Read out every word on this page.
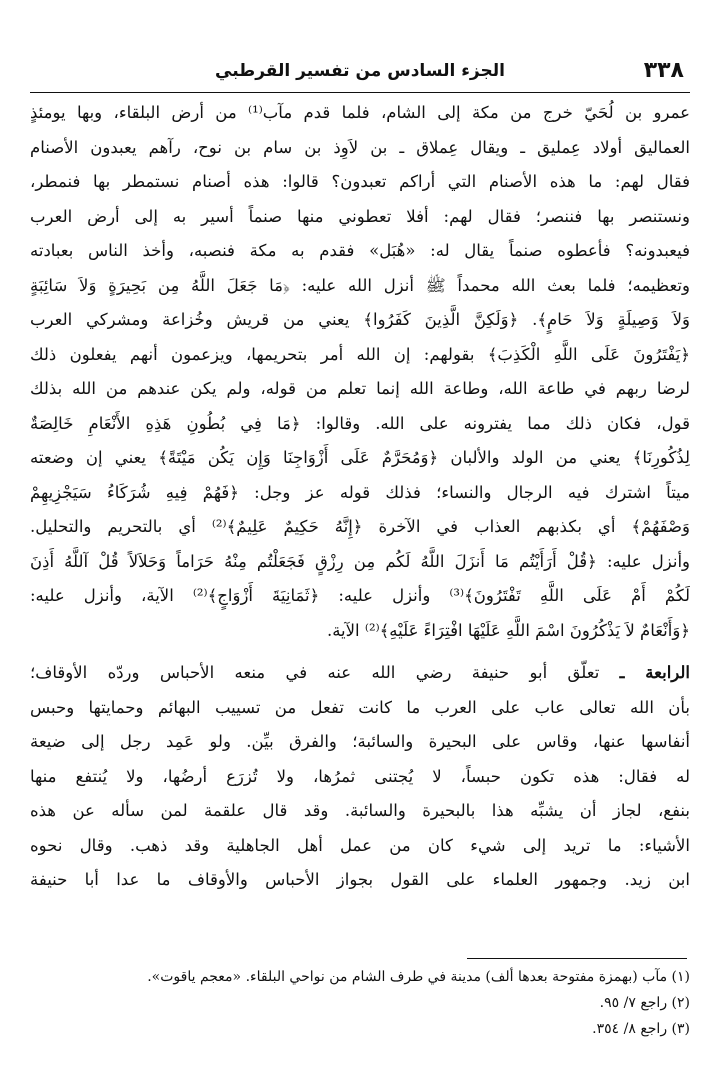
٣٣٨
الجزء السادس من تفسير القرطبي
عمرو بن لُحَيّ خرج من مكة إلى الشام، فلما قدم مآب⁽¹⁾ من أرض البلقاء، وبها يومئذٍ
العماليق أولاد عِمليق ـ ويقال عِملاق ـ بن لاَوِذ بن سام بن نوح، رآهم يعبدون الأصنام
فقال لهم: ما هذه الأصنام التي أراكم تعبدون؟ قالوا: هذه أصنام نستمطر بها فنمطر،
ونستنصر بها فننصر؛ فقال لهم: أفلا تعطوني منها صنماً أسير به إلى أرض العرب
فيعبدونه؟ فأعطوه صنماً يقال له: «هُبَل» فقدم به مكة فنصبه، وأخذ الناس بعبادته
وتعظيمه؛ فلما بعث الله محمداً ﷺ أنزل الله عليه: ﴿مَا جَعَلَ اللَّهُ مِن بَحِيرَةٍ وَلاَ سَائِبَةٍ
وَلاَ وَصِيلَةٍ وَلاَ حَامٍ﴾. ﴿وَلَكِنَّ الَّذِينَ كَفَرُوا﴾ يعني من قريش وخُزاعة ومشركي العرب
﴿يَفْتَرُونَ عَلَى اللَّهِ الْكَذِبَ﴾ بقولهم: إن الله أمر بتحريمها، ويزعمون أنهم يفعلون ذلك
لرضا ربهم في طاعة الله، وطاعة الله إنما تعلم من قوله، ولم يكن عندهم من الله بذلك
قول، فكان ذلك مما يفترونه على الله. وقالوا: ﴿مَا فِي بُطُونِ هَذِهِ الأَنْعَامِ خَالِصَةٌ
لِذُكُورِنَا﴾ يعني من الولد والألبان ﴿وَمُحَرَّمٌ عَلَى أَزْوَاجِنَا وَإِن يَكُن مَيْتَةً﴾ يعني إن وضعته
ميتاً اشترك فيه الرجال والنساء؛ فذلك قوله عز وجل: ﴿فَهُمْ فِيهِ شُرَكَاءُ سَيَجْزِيهِمْ
وَصْفَهُمْ﴾ أي بكذبهم العذاب في الآخرة ﴿إِنَّهُ حَكِيمٌ عَلِيمٌ﴾⁽²⁾ أي بالتحريم والتحليل.
وأنزل عليه: ﴿قُلْ أَرَأَيْتُم مَا أَنزَلَ اللَّهُ لَكُم مِن رِزْقٍ فَجَعَلْتُم مِنْهُ حَرَاماً وَحَلاَلاً قُلْ آللَّهُ أَذِنَ
لَكُمْ أَمْ عَلَى اللَّهِ تَفْتَرُونَ﴾⁽³⁾ وأنزل عليه: ﴿ثَمَانِيَةَ أَزْوَاجٍ﴾⁽²⁾ الآية، وأنزل عليه:
﴿وَأَنْعَامٌ لاَ يَذْكُرُونَ اسْمَ اللَّهِ عَلَيْهَا افْتِرَاءً عَلَيْهِ﴾⁽²⁾ الآية.
الرابعة ـ تعلّق أبو حنيفة رضي الله عنه في منعه الأحباس وردّه الأوقاف؛
بأن الله تعالى عاب على العرب ما كانت تفعل من تسييب البهائم وحمايتها وحبس
أنفاسها عنها، وقاس على البحيرة والسائبة؛ والفرق بيِّن. ولو عَمِد رجل إلى ضيعة
له فقال: هذه تكون حبساً، لا يُجتنى ثمرُها، ولا تُزرَع أرضُها، ولا يُنتفع منها
بنفع، لجاز أن يشبِّه هذا بالبحيرة والسائبة. وقد قال علقمة لمن سأله عن هذه
الأشياء: ما تريد إلى شيء كان من عمل أهل الجاهلية وقد ذهب. وقال نحوه
ابن زيد. وجمهور العلماء على القول بجواز الأحباس والأوقاف ما عدا أبا حنيفة
(١) مآب (بهمزة مفتوحة بعدها ألف) مدينة في طرف الشام من نواحي البلقاء. «معجم ياقوت».
(٢) راجع ٧/ ٩٥.
(٣) راجع ٨/ ٣٥٤.
